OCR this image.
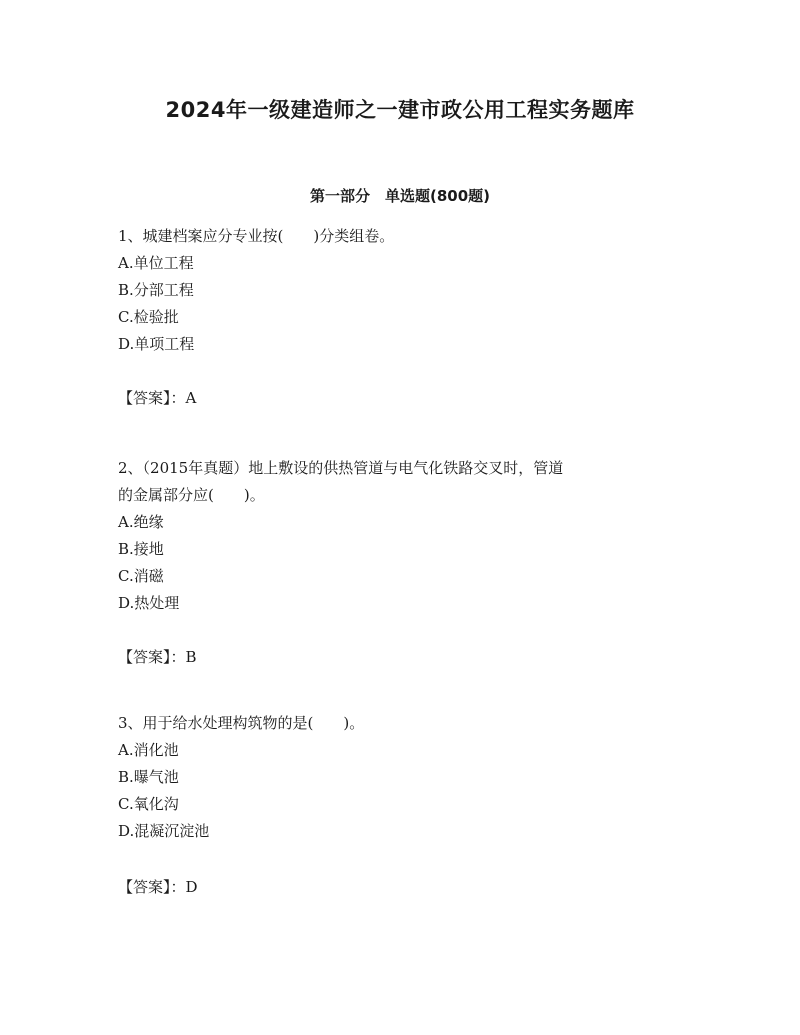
2024年一级建造师之一建市政公用工程实务题库
第一部分　单选题(800题)
1、城建档案应分专业按(　　)分类组卷。
A.单位工程
B.分部工程
C.检验批
D.单项工程
【答案】：A
2、（2015年真题）地上敷设的供热管道与电气化铁路交叉时，管道
的金属部分应(　　)。
A.绝缘
B.接地
C.消磁
D.热处理
【答案】：B
3、用于给水处理构筑物的是(　　)。
A.消化池
B.曝气池
C.氧化沟
D.混凝沉淀池
【答案】：D
